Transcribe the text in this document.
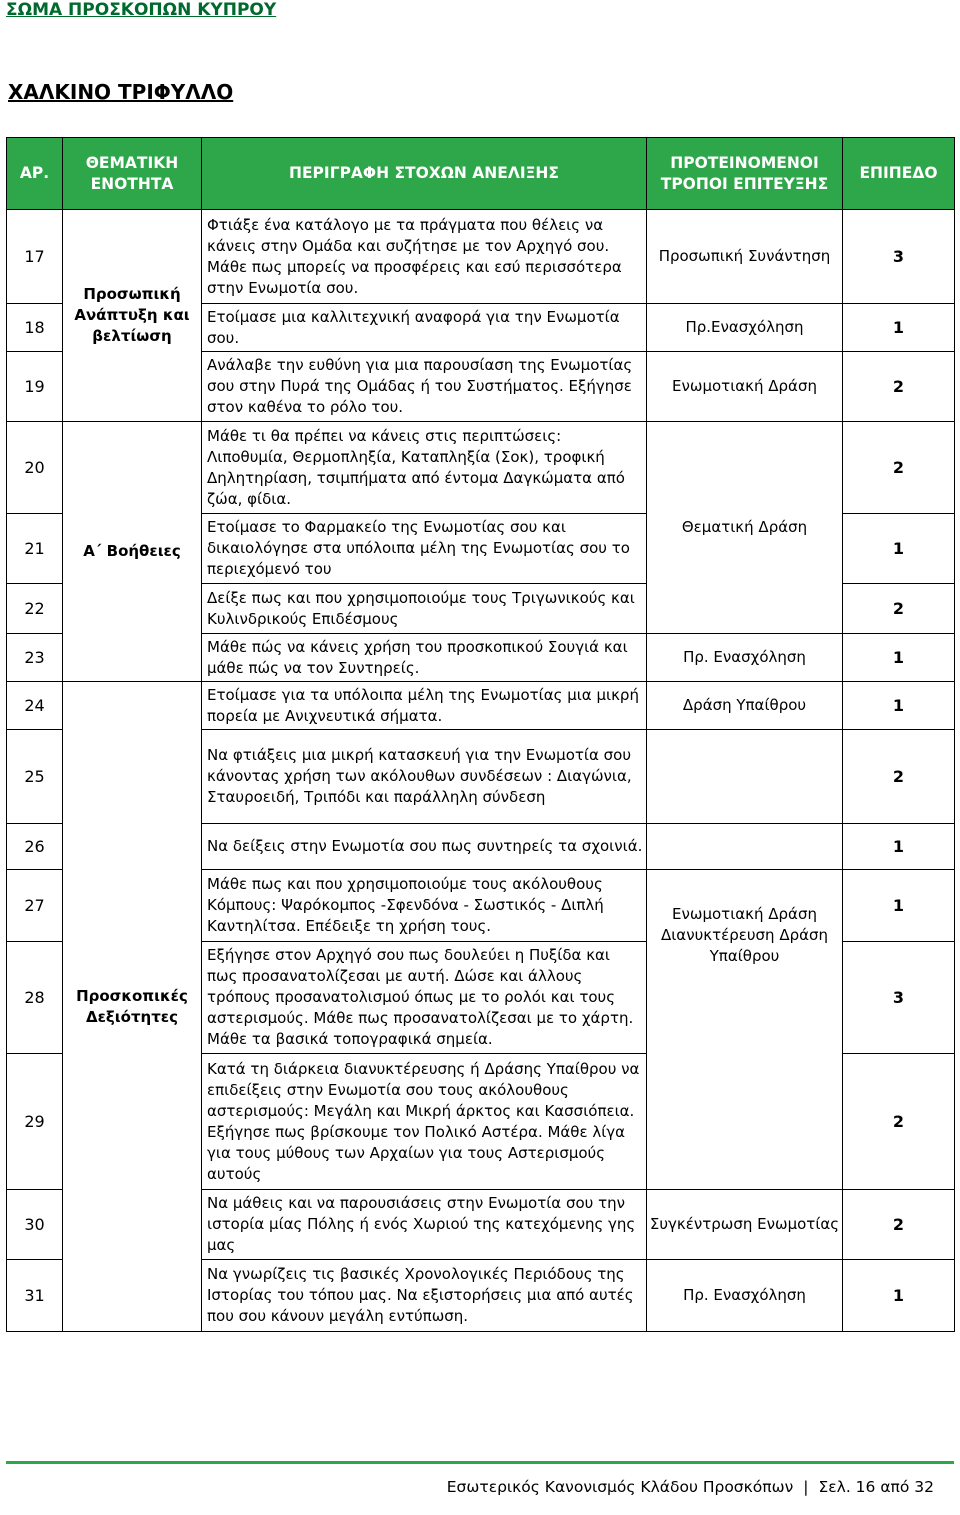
ΣΩΜΑ ΠΡΟΣΚΟΠΩΝ ΚΥΠΡΟΥ
ΧΑΛΚΙΝΟ ΤΡΙΦΥΛΛΟ
ΑΡ.	ΘΕΜΑΤΙΚΗ ΕΝΟΤΗΤΑ	ΠΕΡΙΓΡΑΦΗ ΣΤΟΧΩΝ ΑΝΕΛΙΞΗΣ	ΠΡΟΤΕΙΝΟΜΕΝΟΙ ΤΡΟΠΟΙ ΕΠΙΤΕΥΞΗΣ	ΕΠΙΠΕΔΟ
17	Προσωπική Ανάπτυξη και βελτίωση	Φτιάξε ένα κατάλογο με τα πράγματα που θέλεις να κάνεις στην Ομάδα και συζήτησε με τον Αρχηγό σου. Μάθε πως μπορείς να προσφέρεις και εσύ περισσότερα στην Ενωμοτία σου.	Προσωπική Συνάντηση	3
18		Ετοίμασε μια καλλιτεχνική αναφορά για την Ενωμοτία σου.	Πρ.Ενασχόληση	1
19		Ανάλαβε την ευθύνη για μια παρουσίαση της Ενωμοτίας σου στην Πυρά της Ομάδας ή του Συστήματος. Εξήγησε στον καθένα το ρόλο του.	Ενωμοτιακή Δράση	2
20	Α΄ Βοήθειες	Μάθε τι θα πρέπει να κάνεις στις περιπτώσεις: Λιποθυμία, Θερμοπληξία, Καταπληξία (Σοκ), τροφική Δηλητηρίαση, τσιμπήματα από έντομα Δαγκώματα από ζώα, φίδια.	Θεματική Δράση	2
21		Ετοίμασε το Φαρμακείο της Ενωμοτίας σου και δικαιολόγησε στα υπόλοιπα μέλη της Ενωμοτίας σου το περιεχόμενό του		1
22		Δείξε πως και που χρησιμοποιούμε τους Τριγωνικούς και Κυλινδρικούς Επιδέσμους		2
23		Μάθε πώς να κάνεις χρήση του προσκοπικού Σουγιά και μάθε πώς να τον Συντηρείς.	Πρ. Ενασχόληση	1
24	Προσκοπικές Δεξιότητες	Ετοίμασε για τα υπόλοιπα μέλη της Ενωμοτίας μια μικρή πορεία με Ανιχνευτικά σήματα.	Δράση Υπαίθρου	1
25		Να φτιάξεις μια μικρή κατασκευή για την Ενωμοτία σου κάνοντας χρήση των ακόλουθων συνδέσεων : Διαγώνια, Σταυροειδή, Τριπόδι και παράλληλη σύνδεση		2
26		Να δείξεις στην Ενωμοτία σου πως συντηρείς τα σχοινιά.		1
27		Μάθε πως και που χρησιμοποιούμε τους ακόλουθους Κόμπους: Ψαρόκομπος -Σφενδόνα - Σωστικός - Διπλή Καντηλίτσα. Επέδειξε τη χρήση τους.	Ενωμοτιακή Δράση Διανυκτέρευση Δράση Υπαίθρου	1
28		Εξήγησε στον Αρχηγό σου πως δουλεύει η Πυξίδα και πως προσανατολίζεσαι με αυτή. Δώσε και άλλους τρόπους προσανατολισμού όπως με το ρολόι και τους αστερισμούς. Μάθε πως προσανατολίζεσαι με το χάρτη. Μάθε τα βασικά τοπογραφικά σημεία.		3
29		Κατά τη διάρκεια διανυκτέρευσης ή Δράσης Υπαίθρου να επιδείξεις στην Ενωμοτία σου τους ακόλουθους αστερισμούς: Μεγάλη και Μικρή άρκτος και Κασσιόπεια. Εξήγησε πως βρίσκουμε τον Πολικό Αστέρα. Μάθε λίγα για τους μύθους των Αρχαίων για τους Αστερισμούς αυτούς		2
30		Να μάθεις και να παρουσιάσεις στην Ενωμοτία σου την ιστορία μίας Πόλης ή ενός Χωριού της κατεχόμενης γης μας	Συγκέντρωση Ενωμοτίας	2
31		Να γνωρίζεις τις βασικές Χρονολογικές Περιόδους της Ιστορίας του τόπου μας. Να εξιστορήσεις μια από αυτές που σου κάνουν μεγάλη εντύπωση.	Πρ. Ενασχόληση	1
Εσωτερικός Κανονισμός Κλάδου Προσκόπων | Σελ. 16 από 32
